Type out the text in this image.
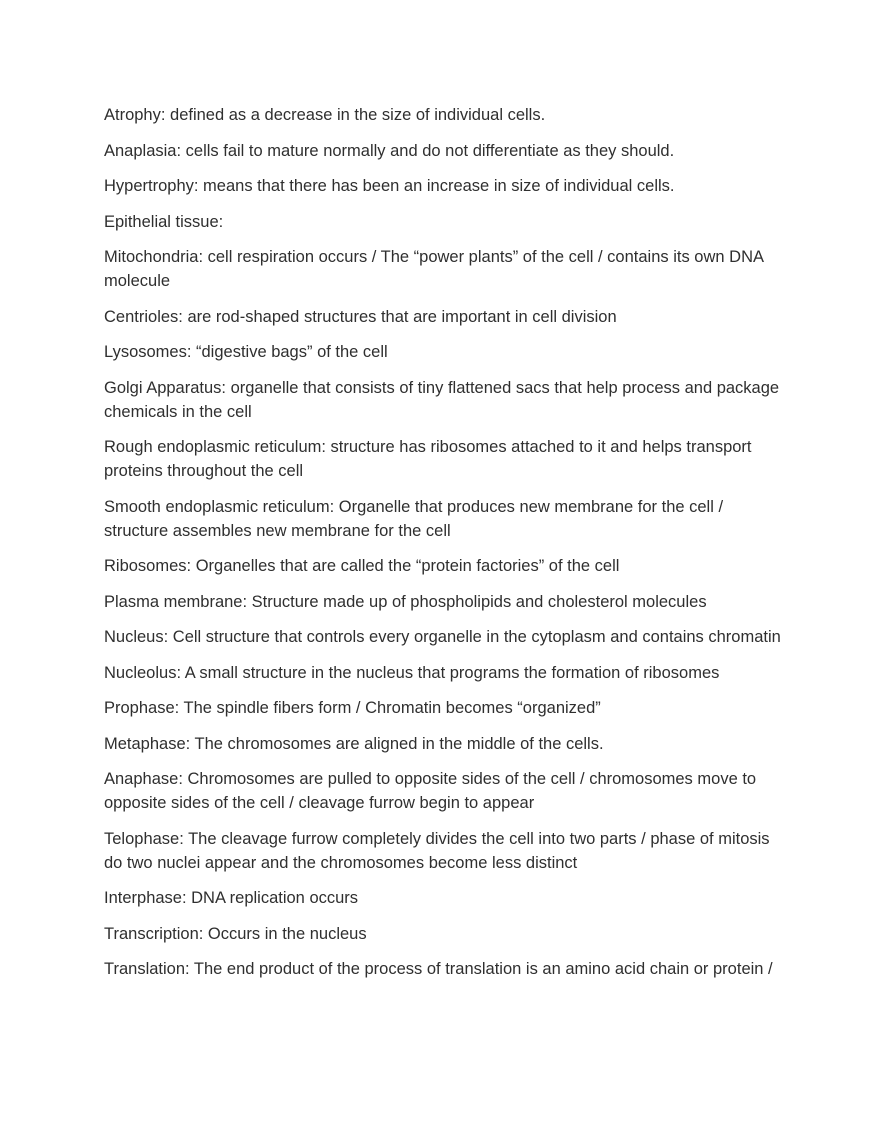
Atrophy: defined as a decrease in the size of individual cells.

Anaplasia: cells fail to mature normally and do not differentiate as they should.

Hypertrophy: means that there has been an increase in size of individual cells.

Epithelial tissue:

Mitochondria: cell respiration occurs / The “power plants” of the cell / contains its own DNA molecule

Centrioles: are rod-shaped structures that are important in cell division

Lysosomes: “digestive bags” of the cell

Golgi Apparatus: organelle that consists of tiny flattened sacs that help process and package chemicals in the cell

Rough endoplasmic reticulum: structure has ribosomes attached to it and helps transport proteins throughout the cell

Smooth endoplasmic reticulum: Organelle that produces new membrane for the cell / structure assembles new membrane for the cell

Ribosomes: Organelles that are called the “protein factories” of the cell

Plasma membrane: Structure made up of phospholipids and cholesterol molecules

Nucleus: Cell structure that controls every organelle in the cytoplasm and contains chromatin

Nucleolus: A small structure in the nucleus that programs the formation of ribosomes

Prophase: The spindle fibers form / Chromatin becomes “organized”

Metaphase: The chromosomes are aligned in the middle of the cells.

Anaphase: Chromosomes are pulled to opposite sides of the cell / chromosomes move to opposite sides of the cell / cleavage furrow begin to appear

Telophase: The cleavage furrow completely divides the cell into two parts / phase of mitosis do two nuclei appear and the chromosomes become less distinct

Interphase: DNA replication occurs

Transcription: Occurs in the nucleus

Translation: The end product of the process of translation is an amino acid chain or protein /
